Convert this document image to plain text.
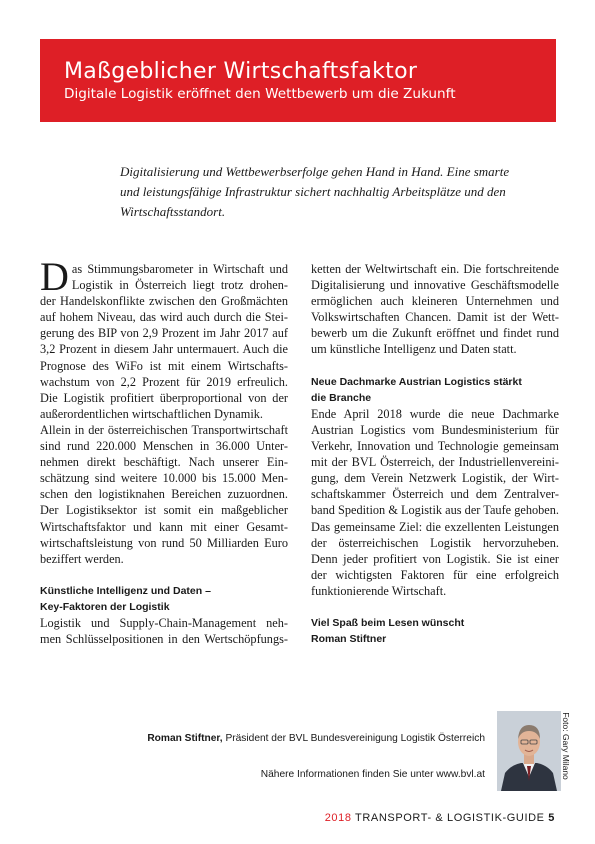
Maßgeblicher Wirtschaftsfaktor
Digitale Logistik eröffnet den Wettbewerb um die Zukunft
Digitalisierung und Wettbewerbserfolge gehen Hand in Hand. Eine smarte
und leistungsfähige Infrastruktur sichert nachhaltig Arbeitsplätze und den
Wirtschaftsstandort.
D as Stimmungsbarometer in Wirtschaft und
Logistik in Österreich liegt trotz drohen-
der Handelskonflikte zwischen den Großmächten
auf hohem Niveau, das wird auch durch die Stei-
gerung des BIP von 2,9 Prozent im Jahr 2017 auf
3,2 Prozent in diesem Jahr untermauert. Auch die
Prognose des WiFo ist mit einem Wirtschafts-
wachstum von 2,2 Prozent für 2019 erfreulich.
Die Logistik profitiert überproportional von der
außerordentlichen wirtschaftlichen Dynamik.
Allein in der österreichischen Transportwirtschaft
sind rund 220.000 Menschen in 36.000 Unter-
nehmen direkt beschäftigt. Nach unserer Ein-
schätzung sind weitere 10.000 bis 15.000 Men-
schen den logistiknahen Bereichen zuzuordnen.
Der Logistiksektor ist somit ein maßgeblicher
Wirtschaftsfaktor und kann mit einer Gesamt-
wirtschaftsleistung von rund 50 Milliarden Euro
beziffert werden.
Künstliche Intelligenz und Daten –
Key-Faktoren der Logistik
Logistik und Supply-Chain-Management neh-
men Schlüsselpositionen in den Wertschöpfungs-
ketten der Weltwirtschaft ein. Die fortschreitende
Digitalisierung und innovative Geschäftsmodelle
ermöglichen auch kleineren Unternehmen und
Volkswirtschaften Chancen. Damit ist der Wett-
bewerb um die Zukunft eröffnet und findet rund
um künstliche Intelligenz und Daten statt.
Neue Dachmarke Austrian Logistics stärkt
die Branche
Ende April 2018 wurde die neue Dachmarke
Austrian Logistics vom Bundesministerium für
Verkehr, Innovation und Technologie gemeinsam
mit der BVL Österreich, der Industriellenvereini-
gung, dem Verein Netzwerk Logistik, der Wirt-
schaftskammer Österreich und dem Zentralver-
band Spedition & Logistik aus der Taufe gehoben.
Das gemeinsame Ziel: die exzellenten Leistungen
der österreichischen Logistik hervorzuheben.
Denn jeder profitiert von Logistik. Sie ist einer
der wichtigsten Faktoren für eine erfolgreich
funktionierende Wirtschaft.
Viel Spaß beim Lesen wünscht
Roman Stiftner
Roman Stiftner, Präsident der BVL Bundesvereinigung Logistik Österreich
Nähere Informationen finden Sie unter www.bvl.at	Foto: Gary Milano
2018 TRANSPORT- & LOGISTIK-GUIDE 5
